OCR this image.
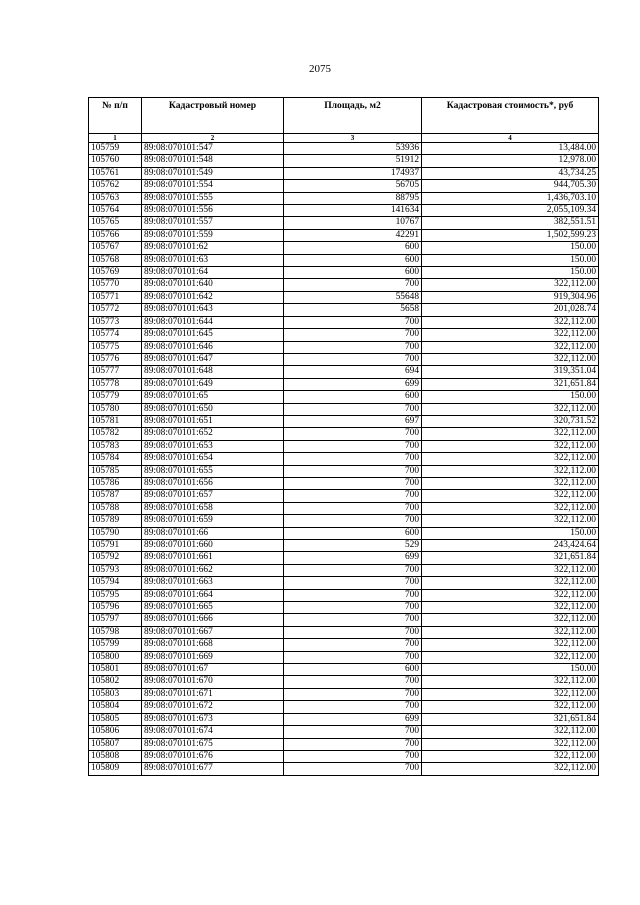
2075
№ п/п	Кадастровый номер	Площадь, м2	Кадастровая стоимость*, руб
1	2	3	4
105759	89:08:070101:547	53936	13,484.00
105760	89:08:070101:548	51912	12,978.00
105761	89:08:070101:549	174937	43,734.25
105762	89:08:070101:554	56705	944,705.30
105763	89:08:070101:555	88795	1,436,703.10
105764	89:08:070101:556	141634	2,055,109.34
105765	89:08:070101:557	10767	382,551.51
105766	89:08:070101:559	42291	1,502,599.23
105767	89:08:070101:62	600	150.00
105768	89:08:070101:63	600	150.00
105769	89:08:070101:64	600	150.00
105770	89:08:070101:640	700	322,112.00
105771	89:08:070101:642	55648	919,304.96
105772	89:08:070101:643	5658	201,028.74
105773	89:08:070101:644	700	322,112.00
105774	89:08:070101:645	700	322,112.00
105775	89:08:070101:646	700	322,112.00
105776	89:08:070101:647	700	322,112.00
105777	89:08:070101:648	694	319,351.04
105778	89:08:070101:649	699	321,651.84
105779	89:08:070101:65	600	150.00
105780	89:08:070101:650	700	322,112.00
105781	89:08:070101:651	697	320,731.52
105782	89:08:070101:652	700	322,112.00
105783	89:08:070101:653	700	322,112.00
105784	89:08:070101:654	700	322,112.00
105785	89:08:070101:655	700	322,112.00
105786	89:08:070101:656	700	322,112.00
105787	89:08:070101:657	700	322,112.00
105788	89:08:070101:658	700	322,112.00
105789	89:08:070101:659	700	322,112.00
105790	89:08:070101:66	600	150.00
105791	89:08:070101:660	529	243,424.64
105792	89:08:070101:661	699	321,651.84
105793	89:08:070101:662	700	322,112.00
105794	89:08:070101:663	700	322,112.00
105795	89:08:070101:664	700	322,112.00
105796	89:08:070101:665	700	322,112.00
105797	89:08:070101:666	700	322,112.00
105798	89:08:070101:667	700	322,112.00
105799	89:08:070101:668	700	322,112.00
105800	89:08:070101:669	700	322,112.00
105801	89:08:070101:67	600	150.00
105802	89:08:070101:670	700	322,112.00
105803	89:08:070101:671	700	322,112.00
105804	89:08:070101:672	700	322,112.00
105805	89:08:070101:673	699	321,651.84
105806	89:08:070101:674	700	322,112.00
105807	89:08:070101:675	700	322,112.00
105808	89:08:070101:676	700	322,112.00
105809	89:08:070101:677	700	322,112.00
